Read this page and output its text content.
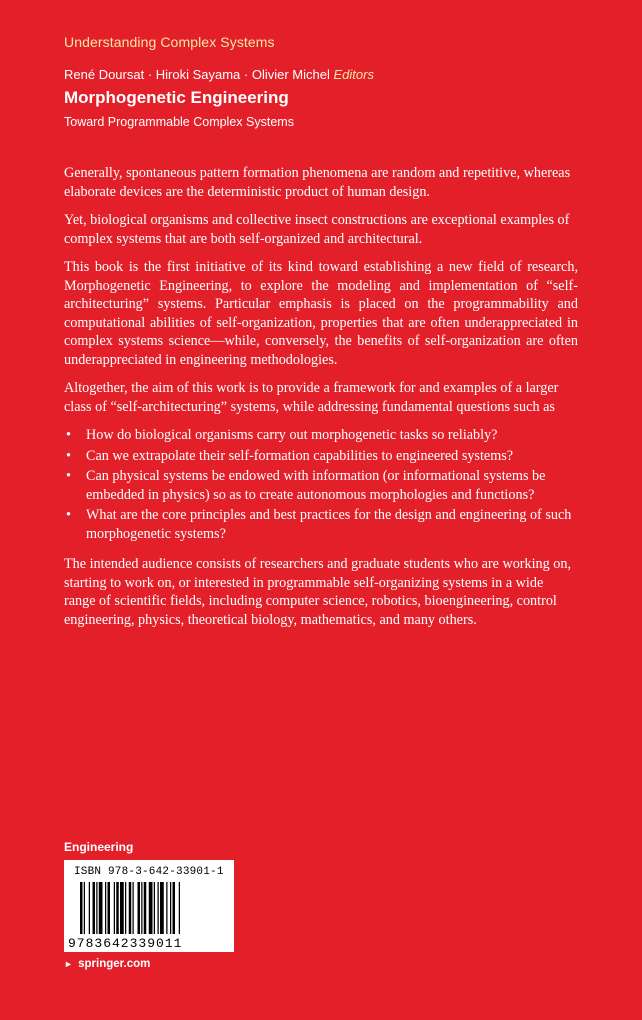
Understanding Complex Systems
René Doursat · Hiroki Sayama · Olivier Michel Editors
Morphogenetic Engineering
Toward Programmable Complex Systems

Generally, spontaneous pattern formation phenomena are random and repetitive, whereas elaborate devices are the deterministic product of human design.

Yet, biological organisms and collective insect constructions are exceptional examples of complex systems that are both self-organized and architectural.

This book is the first initiative of its kind toward establishing a new field of research, Morphogenetic Engineering, to explore the modeling and implementation of “self-architecturing” systems. Particular emphasis is placed on the programmability and computational abilities of self-organization, properties that are often underappreciated in complex systems science—while, conversely, the benefits of self-organization are often underappreciated in engineering methodologies.

Altogether, the aim of this work is to provide a framework for and examples of a larger class of “self-architecturing” systems, while addressing fundamental questions such as

• How do biological organisms carry out morphogenetic tasks so reliably?
• Can we extrapolate their self-formation capabilities to engineered systems?
• Can physical systems be endowed with information (or informational systems be embedded in physics) so as to create autonomous morphologies and functions?
• What are the core principles and best practices for the design and engineering of such morphogenetic systems?

The intended audience consists of researchers and graduate students who are working on, starting to work on, or interested in programmable self-organizing systems in a wide range of scientific fields, including computer science, robotics, bioengineering, control engineering, physics, theoretical biology, mathematics, and many others.

Engineering
ISBN 978-3-642-33901-1
9783642339011
► springer.com
